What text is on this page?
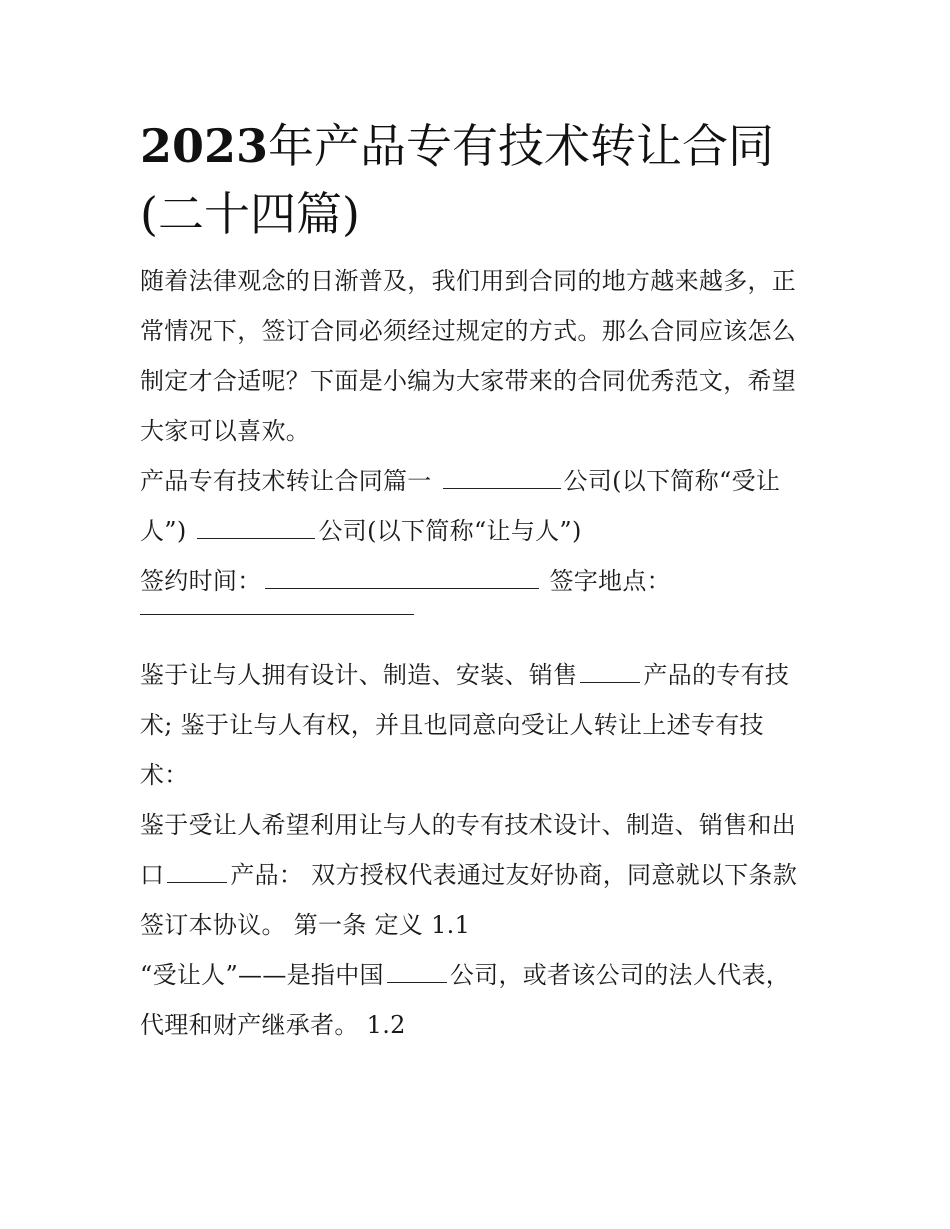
2023年产品专有技术转让合同
(二十四篇)

随着法律观念的日渐普及，我们用到合同的地方越来越多，正

常情况下，签订合同必须经过规定的方式。那么合同应该怎么

制定才合适呢？下面是小编为大家带来的合同优秀范文，希望

大家可以喜欢。

产品专有技术转让合同篇一	公司(以下简称“受让

人”)	公司(以下简称“让与人”)

签约时间：	签字地点：

鉴于让与人拥有设计、制造、安装、销售	产品的专有技

术; 鉴于让与人有权，并且也同意向受让人转让上述专有技

术：

鉴于受让人希望利用让与人的专有技术设计、制造、销售和出

口	产品： 双方授权代表通过友好协商，同意就以下条款

签订本协议。 第一条 定义 1.1

“受让人”——是指中国	公司，或者该公司的法人代表，

代理和财产继承者。 1.2
